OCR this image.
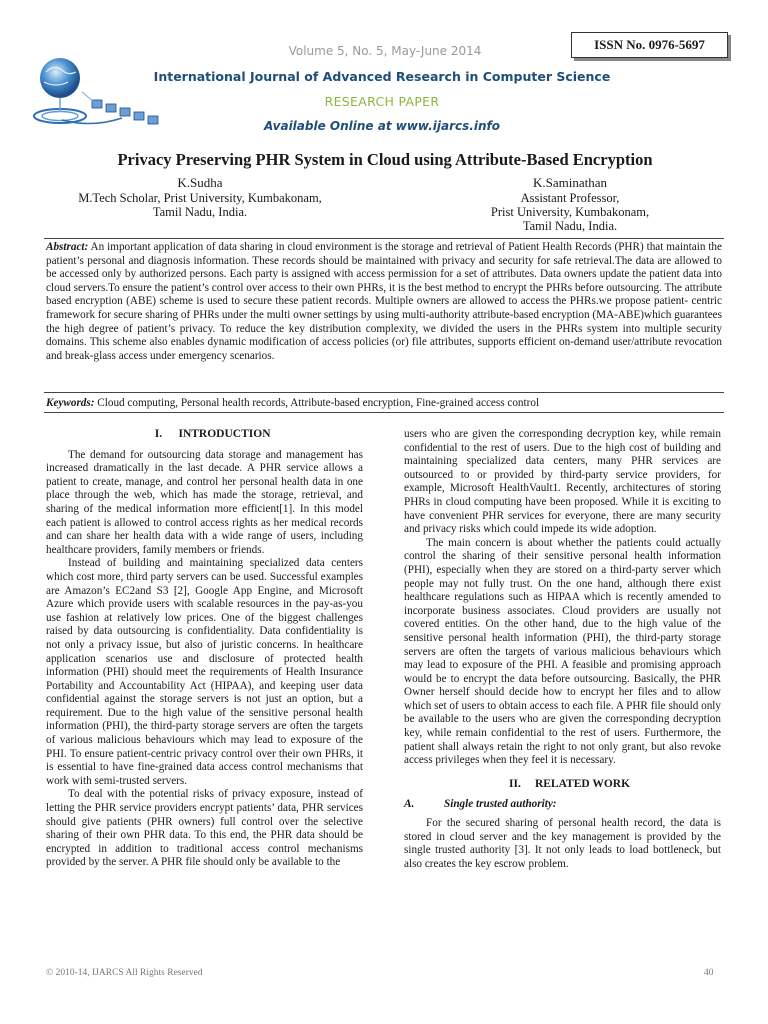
ISSN No. 0976-5697
Volume 5, No. 5, May-June 2014
International Journal of Advanced Research in Computer Science
RESEARCH PAPER
Available Online at www.ijarcs.info
Privacy Preserving PHR System in Cloud using Attribute-Based Encryption
K.Sudha
M.Tech Scholar, Prist University, Kumbakonam,
Tamil Nadu, India.
K.Saminathan
Assistant Professor,
Prist University, Kumbakonam,
Tamil Nadu, India.
Abstract: An important application of data sharing in cloud environment is the storage and retrieval of Patient Health Records (PHR) that maintain the patient’s personal and diagnosis information. These records should be maintained with privacy and security for safe retrieval.The data are allowed to be accessed only by authorized persons. Each party is assigned with access permission for a set of attributes. Data owners update the patient data into cloud servers.To ensure the patient’s control over access to their own PHRs, it is the best method to encrypt the PHRs before outsourcing. The attribute based encryption (ABE) scheme is used to secure these patient records. Multiple owners are allowed to access the PHRs.we propose patient- centric framework for secure sharing of PHRs under the multi owner settings by using multi-authority attribute-based encryption (MA-ABE)which guarantees the high degree of patient’s privacy. To reduce the key distribution complexity, we divided the users in the PHRs system into multiple security domains. This scheme also enables dynamic modification of access policies (or) file attributes, supports efficient on-demand user/attribute revocation and break-glass access under emergency scenarios.
Keywords: Cloud computing, Personal health records, Attribute-based encryption, Fine-grained access control
I. INTRODUCTION

The demand for outsourcing data storage and management has increased dramatically in the last decade. A PHR service allows a patient to create, manage, and control her personal health data in one place through the web, which has made the storage, retrieval, and sharing of the medical information more efficient[1]. In this model each patient is allowed to control access rights as her medical records and can share her health data with a wide range of users, including healthcare providers, family members or friends.

Instead of building and maintaining specialized data centers which cost more, third party servers can be used. Successful examples are Amazon’s EC2and S3 [2], Google App Engine, and Microsoft Azure which provide users with scalable resources in the pay-as-you use fashion at relatively low prices. One of the biggest challenges raised by data outsourcing is confidentiality. Data confidentiality is not only a privacy issue, but also of juristic concerns. In healthcare application scenarios use and disclosure of protected health information (PHI) should meet the requirements of Health Insurance Portability and Accountability Act (HIPAA), and keeping user data confidential against the storage servers is not just an option, but a requirement. Due to the high value of the sensitive personal health information (PHI), the third-party storage servers are often the targets of various malicious behaviours which may lead to exposure of the PHI. To ensure patient-centric privacy control over their own PHRs, it is essential to have fine-grained data access control mechanisms that work with semi-trusted servers.

To deal with the potential risks of privacy exposure, instead of letting the PHR service providers encrypt patients’ data, PHR services should give patients (PHR owners) full control over the selective sharing of their own PHR data. To this end, the PHR data should be encrypted in addition to traditional access control mechanisms provided by the server. A PHR file should only be available to the

users who are given the corresponding decryption key, while remain confidential to the rest of users. Due to the high cost of building and maintaining specialized data centers, many PHR services are outsourced to or provided by third-party service providers, for example, Microsoft HealthVault1. Recently, architectures of storing PHRs in cloud computing have been proposed. While it is exciting to have convenient PHR services for everyone, there are many security and privacy risks which could impede its wide adoption.

The main concern is about whether the patients could actually control the sharing of their sensitive personal health information (PHI), especially when they are stored on a third-party server which people may not fully trust. On the one hand, although there exist healthcare regulations such as HIPAA which is recently amended to incorporate business associates. Cloud providers are usually not covered entities. On the other hand, due to the high value of the sensitive personal health information (PHI), the third-party storage servers are often the targets of various malicious behaviours which may lead to exposure of the PHI. A feasible and promising approach would be to encrypt the data before outsourcing. Basically, the PHR Owner herself should decide how to encrypt her files and to allow which set of users to obtain access to each file. A PHR file should only be available to the users who are given the corresponding decryption key, while remain confidential to the rest of users. Furthermore, the patient shall always retain the right to not only grant, but also revoke access privileges when they feel it is necessary.

II. RELATED WORK
A.	Single trusted authority:

For the secured sharing of personal health record, the data is stored in cloud server and the key management is provided by the single trusted authority [3]. It not only leads to load bottleneck, but also creates the key escrow problem.

© 2010-14, IJARCS All Rights Reserved	40
